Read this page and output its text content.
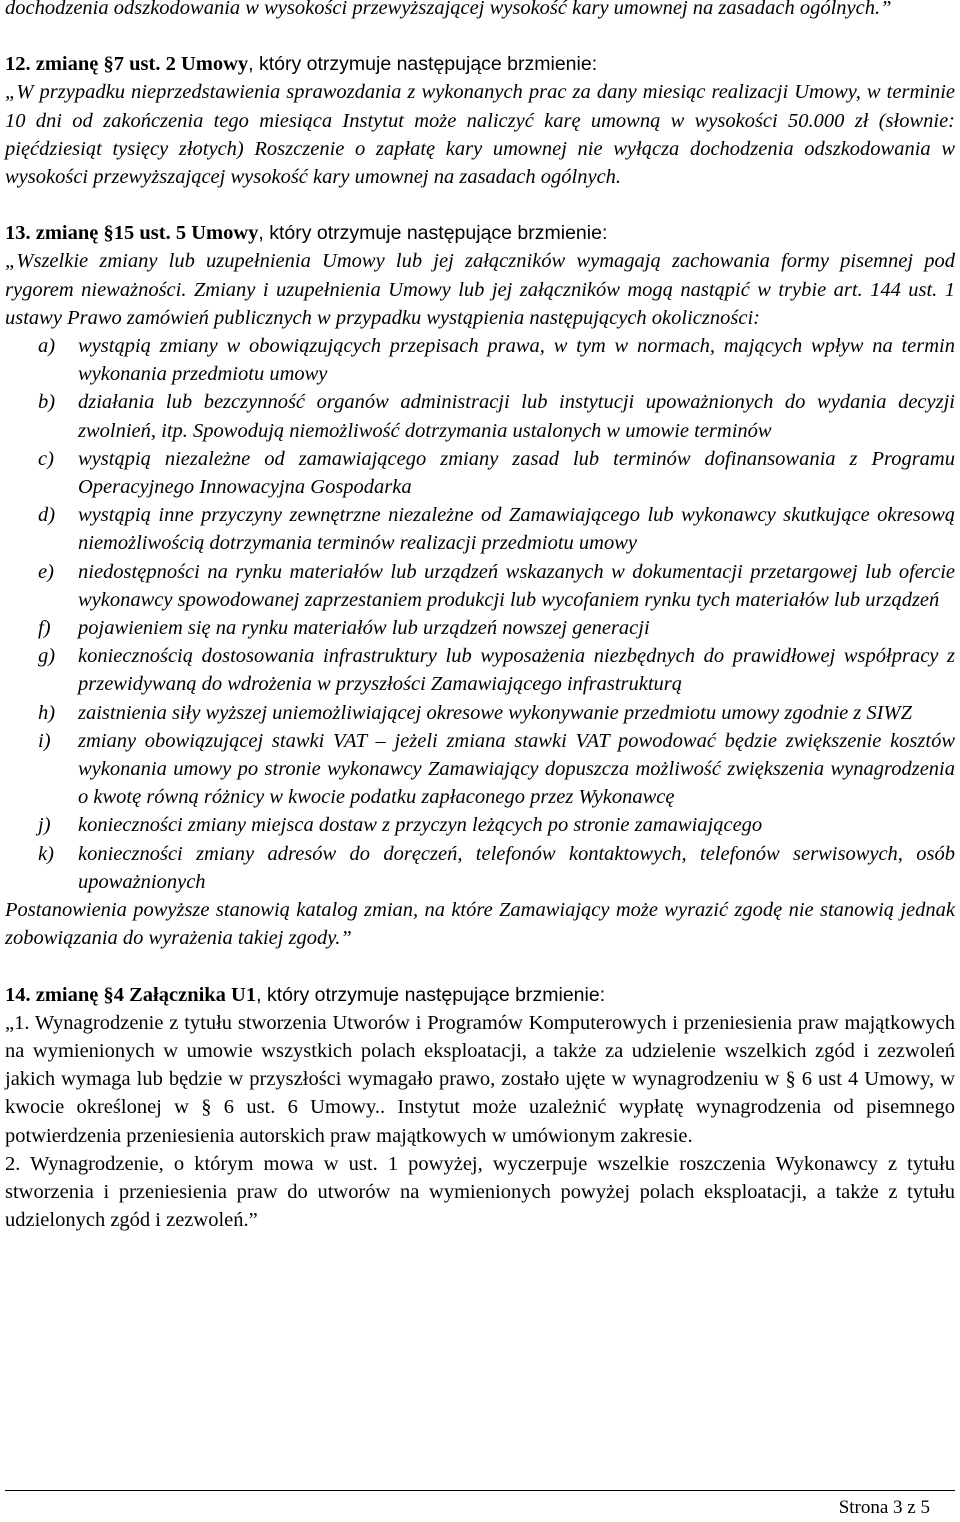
dochodzenia odszkodowania w wysokości przewyższającej wysokość kary umownej na zasadach ogólnych.”
12. zmianę §7 ust. 2 Umowy, który otrzymuje następujące brzmienie:
„W przypadku nieprzedstawienia sprawozdania z wykonanych prac za dany miesiąc realizacji Umowy, w terminie 10 dni od zakończenia tego miesiąca Instytut może naliczyć karę umowną w wysokości 50.000 zł (słownie: pięćdziesiąt tysięcy złotych) Roszczenie o zapłatę kary umownej nie wyłącza dochodzenia odszkodowania w wysokości przewyższającej wysokość kary umownej na zasadach ogólnych.
13. zmianę §15 ust. 5 Umowy, który otrzymuje następujące brzmienie:
„Wszelkie zmiany lub uzupełnienia Umowy lub jej załączników wymagają zachowania formy pisemnej pod rygorem nieważności. Zmiany i uzupełnienia Umowy lub jej załączników mogą nastąpić w trybie art. 144 ust. 1 ustawy Prawo zamówień publicznych w przypadku wystąpienia następujących okoliczności:
a) wystąpią zmiany w obowiązujących przepisach prawa, w tym w normach, mających wpływ na termin wykonania przedmiotu umowy
b) działania lub bezczynność organów administracji lub instytucji upoważnionych do wydania decyzji zwolnień, itp. Spowodują niemożliwość dotrzymania ustalonych w umowie terminów
c) wystąpią niezależne od zamawiającego zmiany zasad lub terminów dofinansowania z Programu Operacyjnego Innowacyjna Gospodarka
d) wystąpią inne przyczyny zewnętrzne niezależne od Zamawiającego lub wykonawcy skutkujące okresową niemożliwością dotrzymania terminów realizacji przedmiotu umowy
e) niedostępności na rynku materiałów lub urządzeń wskazanych w dokumentacji przetargowej lub ofercie wykonawcy spowodowanej zaprzestaniem produkcji lub wycofaniem rynku tych materiałów lub urządzeń
f) pojawieniem się na rynku materiałów lub urządzeń nowszej generacji
g) koniecznością dostosowania infrastruktury lub wyposażenia niezbędnych do prawidłowej współpracy z przewidywaną do wdrożenia w przyszłości Zamawiającego infrastrukturą
h) zaistnienia siły wyższej uniemożliwiającej okresowe wykonywanie przedmiotu umowy zgodnie z SIWZ
i) zmiany obowiązującej stawki VAT – jeżeli zmiana stawki VAT powodować będzie zwiększenie kosztów wykonania umowy po stronie wykonawcy Zamawiający dopuszcza możliwość zwiększenia wynagrodzenia o kwotę równą różnicy w kwocie podatku zapłaconego przez Wykonawcę
j) konieczności zmiany miejsca dostaw z przyczyn leżących po stronie zamawiającego
k) konieczności zmiany adresów do doręczeń, telefonów kontaktowych, telefonów serwisowych, osób upoważnionych
Postanowienia powyższe stanowią katalog zmian, na które Zamawiający może wyrazić zgodę nie stanowią jednak zobowiązania do wyrażenia takiej zgody.”
14. zmianę §4 Załącznika U1, który otrzymuje następujące brzmienie:
„1. Wynagrodzenie z tytułu stworzenia Utworów i Programów Komputerowych i przeniesienia praw majątkowych na wymienionych w umowie wszystkich polach eksploatacji, a także za udzielenie wszelkich zgód i zezwoleń jakich wymaga lub będzie w przyszłości wymagało prawo, zostało ujęte w wynagrodzeniu w § 6 ust 4 Umowy, w kwocie określonej w § 6 ust. 6 Umowy.. Instytut może uzależnić wypłatę wynagrodzenia od pisemnego potwierdzenia przeniesienia autorskich praw majątkowych w umówionym zakresie.
2. Wynagrodzenie, o którym mowa w ust. 1 powyżej, wyczerpuje wszelkie roszczenia Wykonawcy z tytułu stworzenia i przeniesienia praw do utworów na wymienionych powyżej polach eksploatacji, a także z tytułu udzielonych zgód i zezwoleń.”
Strona 3 z 5
